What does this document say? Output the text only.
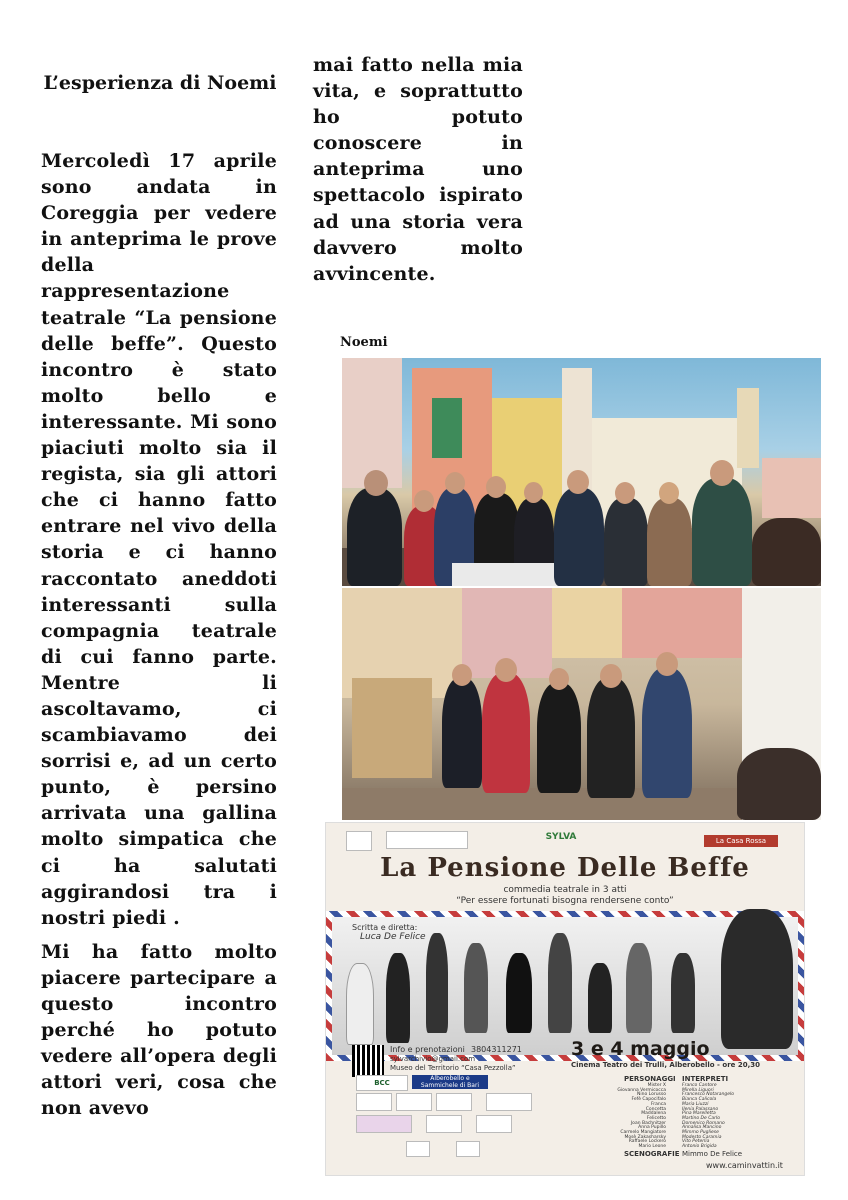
L’esperienza di Noemi

Mercoledì 17 aprile sono andata in Coreggia per vedere in anteprima le prove della rappresentazione teatrale “La pensione delle beffe”. Questo incontro è stato molto bello e interessante. Mi sono piaciuti molto sia il regista, sia gli attori che ci hanno fatto entrare nel vivo della storia e ci hanno raccontato aneddoti interessanti sulla compagnia teatrale di cui fanno parte. Mentre li ascoltavamo, ci scambiavamo dei sorrisi e, ad un certo punto, è persino arrivata una gallina molto simpatica che ci ha salutati aggirandosi tra i nostri piedi .

Mi ha fatto molto piacere partecipare a questo incontro perché ho potuto vedere all’opera degli attori veri, cosa che non avevo

mai fatto nella mia vita, e soprattutto ho potuto conoscere in anteprima uno spettacolo ispirato ad una storia vera davvero molto avvincente.

Noemi
SYLVA	La Casa Rossa
La Pensione Delle Beffe
commedia teatrale in 3 atti
“Per essere fortunati bisogna rendersene conto”
Scritta e diretta:
Luca De Felice
Info e prenotazioni 3804311271
sylvarchivio@gmail.com
Museo del Territorio “Casa Pezzolla”
3 e 4 maggio
Cinema Teatro dei Trulli, Alberobello - ore 20,30
BCC
Alberobello e Sammichele di Bari
PERSONAGGI INTERPRETI
Mister X	Franco Cantore
Giovanna Vermicocca	Mirella Liguori
Nino Lorusso	Francesco Notarangelo
Fefè Capocifalo	Bianca Calicola
Franca	Maria Liuzzi
Concetta	Ilenia Palassano
Maddalena	Pina Marelletta
Felicetto	Martino De Carlo
Joan Bachnitzer	Domenico Romano
Anna Pupillo	Annalisa Mancino
Carmelo Mangiatore	Mimmo Pugliese
Mosè Zakasharsky	Modesto Caramia
Raffaele Lockero	Vito Peterlia
Mario Leone	Antonio Brigida
SCENOGRAFIE Mimmo De Felice
www.caminvattin.it
